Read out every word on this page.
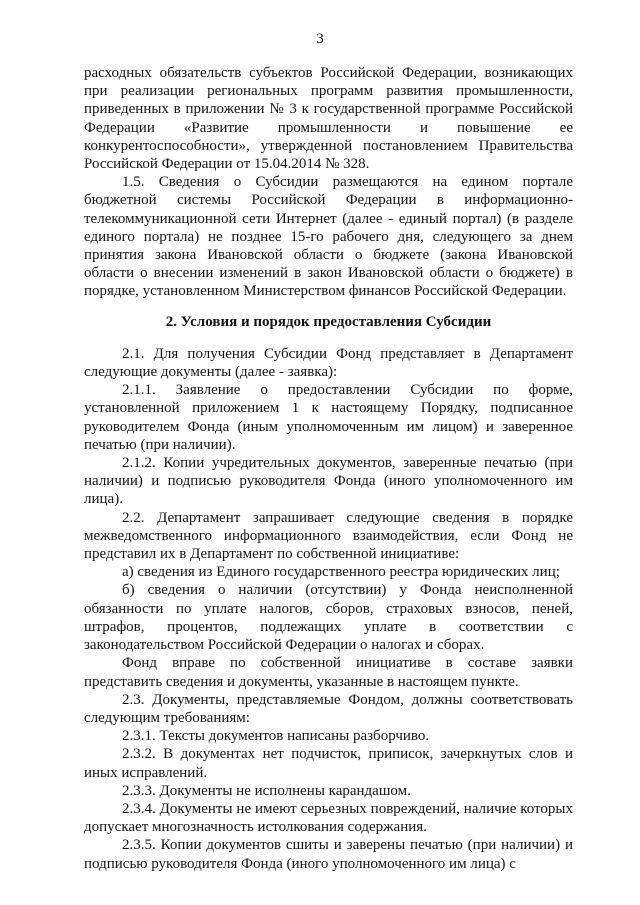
3

расходных обязательств субъектов Российской Федерации, возникающих при реализации региональных программ развития промышленности, приведенных в приложении № 3 к государственной программе Российской Федерации «Развитие промышленности и повышение ее конкурентоспособности», утвержденной постановлением Правительства Российской Федерации от 15.04.2014 № 328.

1.5. Сведения о Субсидии размещаются на едином портале бюджетной системы Российской Федерации в информационно-телекоммуникационной сети Интернет (далее - единый портал) (в разделе единого портала) не позднее 15-го рабочего дня, следующего за днем принятия закона Ивановской области о бюджете (закона Ивановской области о внесении изменений в закон Ивановской области о бюджете) в порядке, установленном Министерством финансов Российской Федерации.

2. Условия и порядок предоставления Субсидии

2.1. Для получения Субсидии Фонд представляет в Департамент следующие документы (далее - заявка):

2.1.1. Заявление о предоставлении Субсидии по форме, установленной приложением 1 к настоящему Порядку, подписанное руководителем Фонда (иным уполномоченным им лицом) и заверенное печатью (при наличии).

2.1.2. Копии учредительных документов, заверенные печатью (при наличии) и подписью руководителя Фонда (иного уполномоченного им лица).

2.2. Департамент запрашивает следующие сведения в порядке межведомственного информационного взаимодействия, если Фонд не представил их в Департамент по собственной инициативе:

а) сведения из Единого государственного реестра юридических лиц;

б) сведения о наличии (отсутствии) у Фонда неисполненной обязанности по уплате налогов, сборов, страховых взносов, пеней, штрафов, процентов, подлежащих уплате в соответствии с законодательством Российской Федерации о налогах и сборах.

Фонд вправе по собственной инициативе в составе заявки представить сведения и документы, указанные в настоящем пункте.

2.3. Документы, представляемые Фондом, должны соответствовать следующим требованиям:

2.3.1. Тексты документов написаны разборчиво.

2.3.2. В документах нет подчисток, приписок, зачеркнутых слов и иных исправлений.

2.3.3. Документы не исполнены карандашом.

2.3.4. Документы не имеют серьезных повреждений, наличие которых допускает многозначность истолкования содержания.

2.3.5. Копии документов сшиты и заверены печатью (при наличии) и подписью руководителя Фонда (иного уполномоченного им лица) с
